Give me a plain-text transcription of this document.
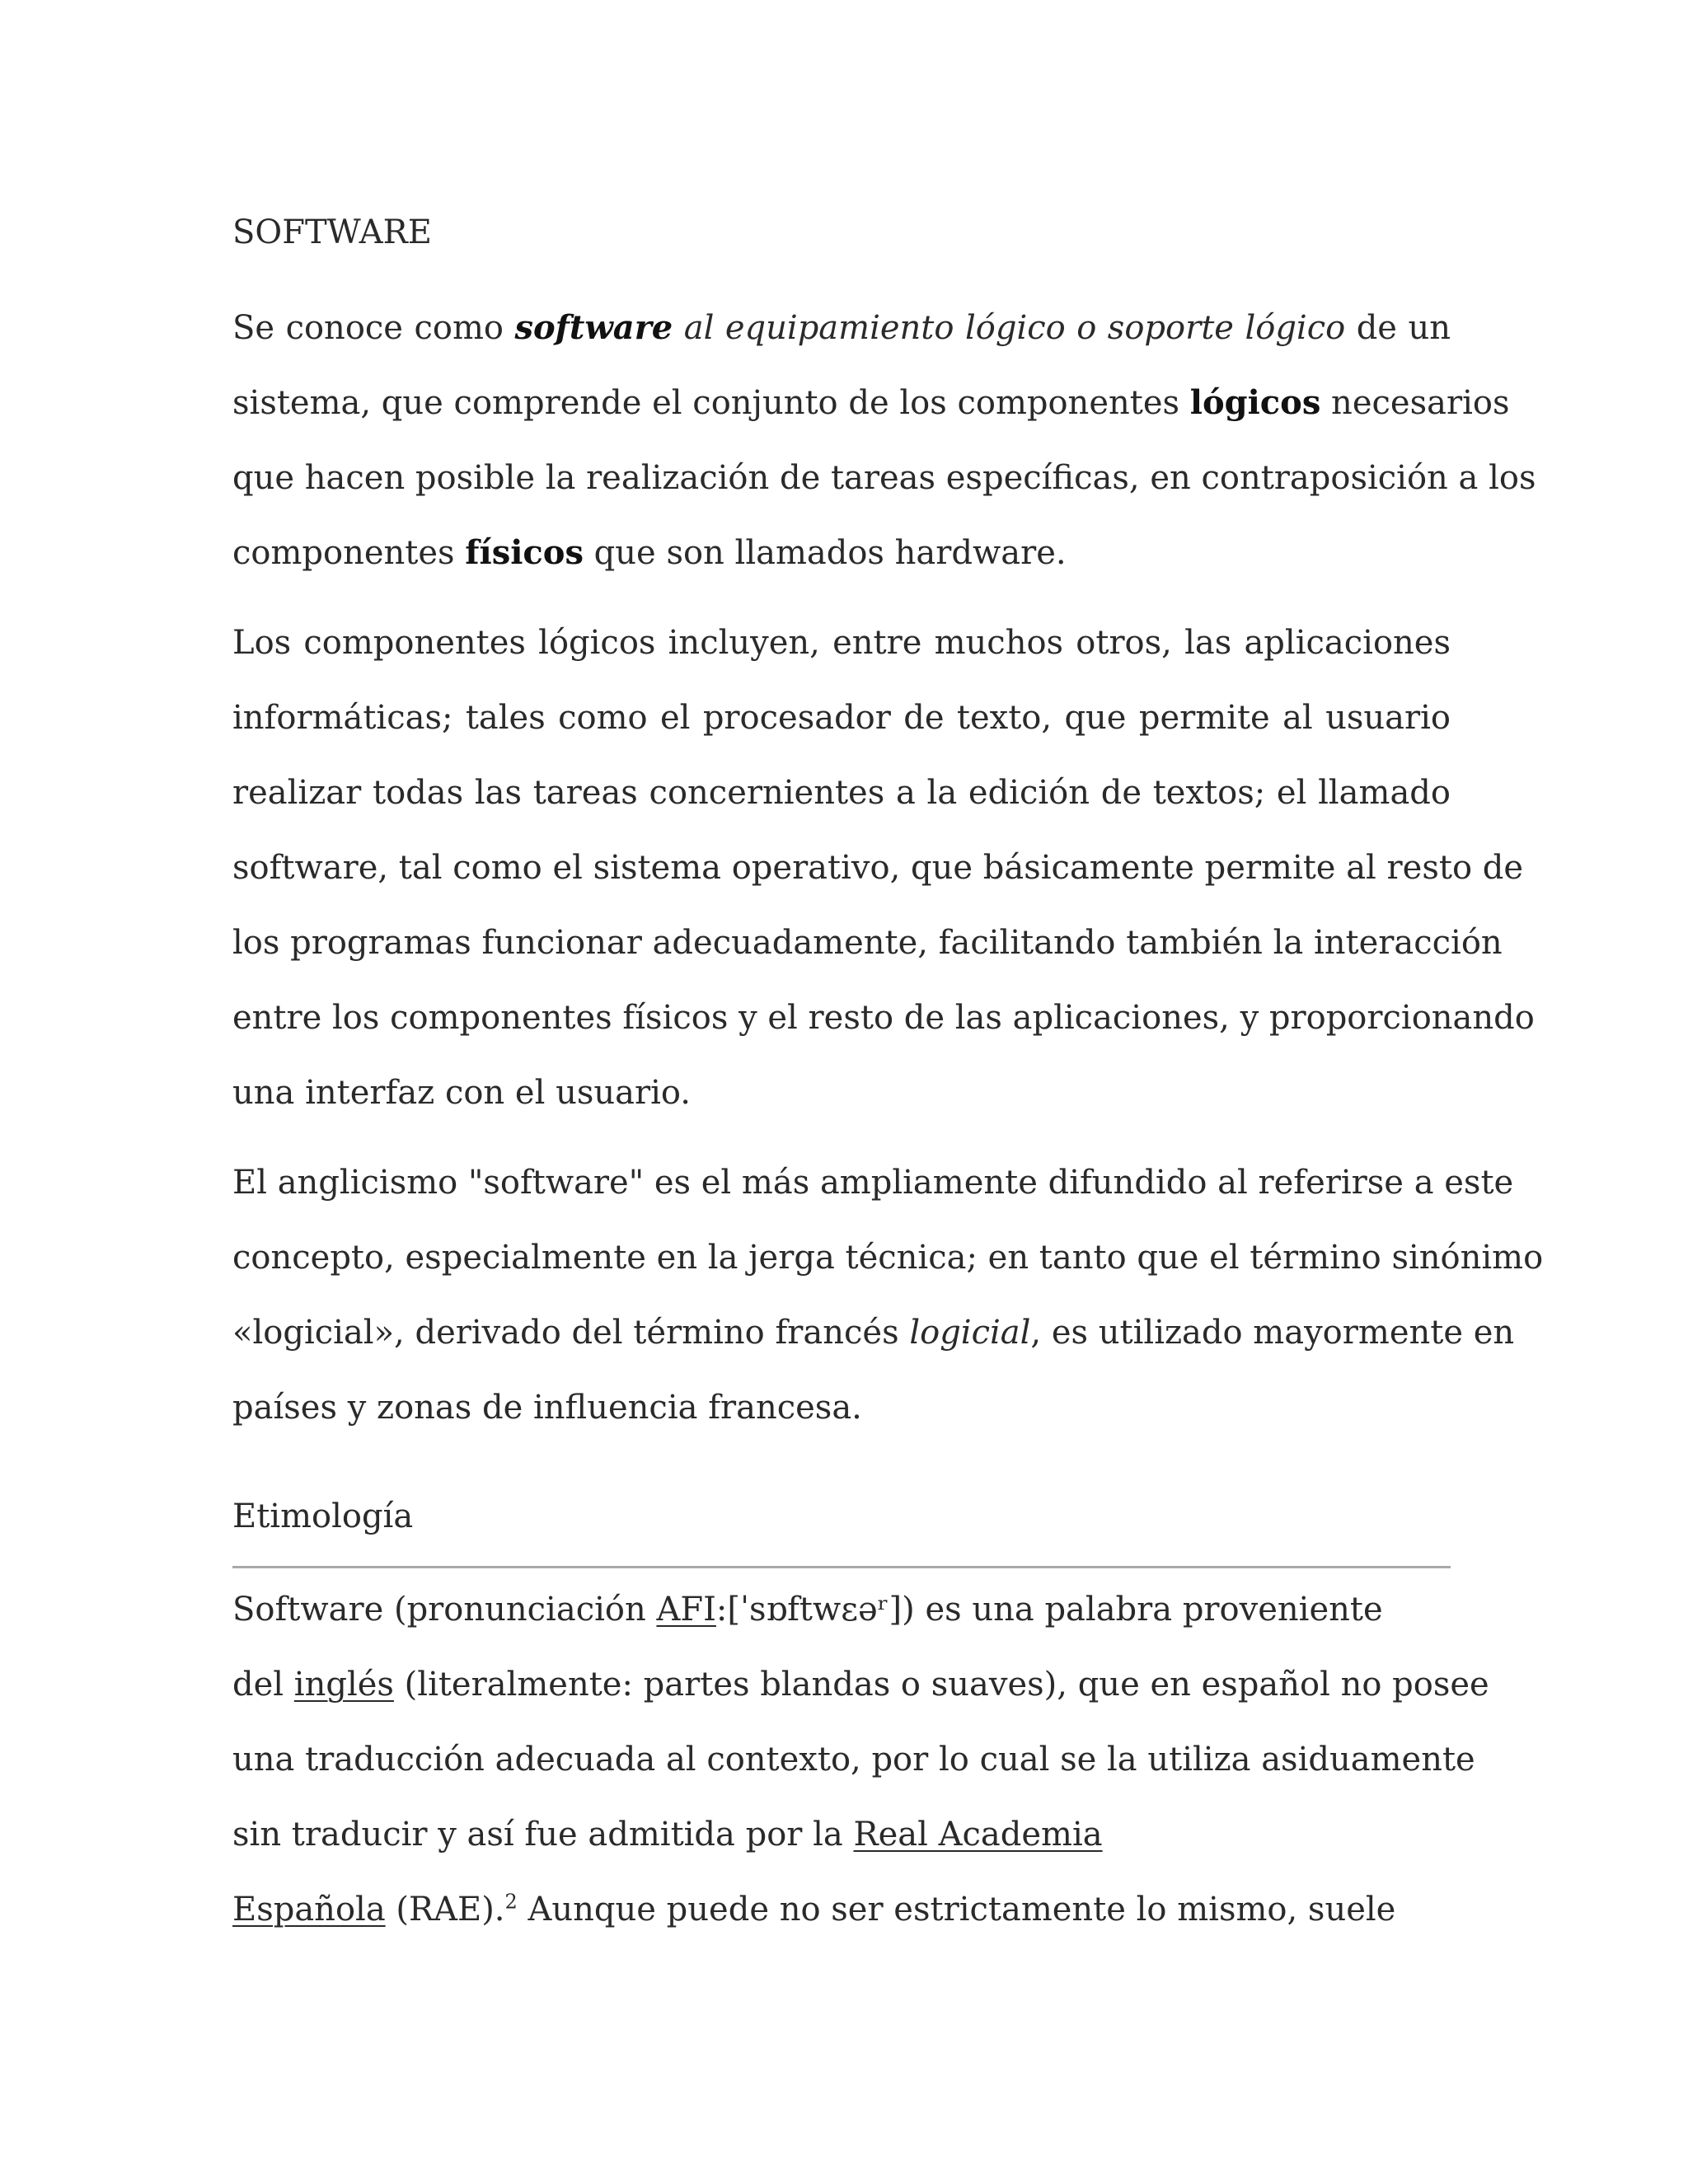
SOFTWARE
Se conoce como software al equipamiento lógico o soporte lógico de un
sistema, que comprende el conjunto de los componentes lógicos necesarios
que hacen posible la realización de tareas específicas, en contraposición a los
componentes físicos que son llamados hardware.
Los componentes lógicos incluyen, entre muchos otros, las aplicaciones
informáticas; tales como el procesador de texto, que permite al usuario
realizar todas las tareas concernientes a la edición de textos; el llamado
software, tal como el sistema operativo, que básicamente permite al resto de
los programas funcionar adecuadamente, facilitando también la interacción
entre los componentes físicos y el resto de las aplicaciones, y proporcionando
una interfaz con el usuario.
El anglicismo "software" es el más ampliamente difundido al referirse a este
concepto, especialmente en la jerga técnica; en tanto que el término sinónimo
«logicial», derivado del término francés logicial, es utilizado mayormente en
países y zonas de influencia francesa.
Etimología
Software (pronunciación AFI:[ˈsɒftwɛəʳ]) es una palabra proveniente
del inglés (literalmente: partes blandas o suaves), que en español no posee
una traducción adecuada al contexto, por lo cual se la utiliza asiduamente
sin traducir y así fue admitida por la Real Academia
Española (RAE).$^2$ Aunque puede no ser estrictamente lo mismo, suele
